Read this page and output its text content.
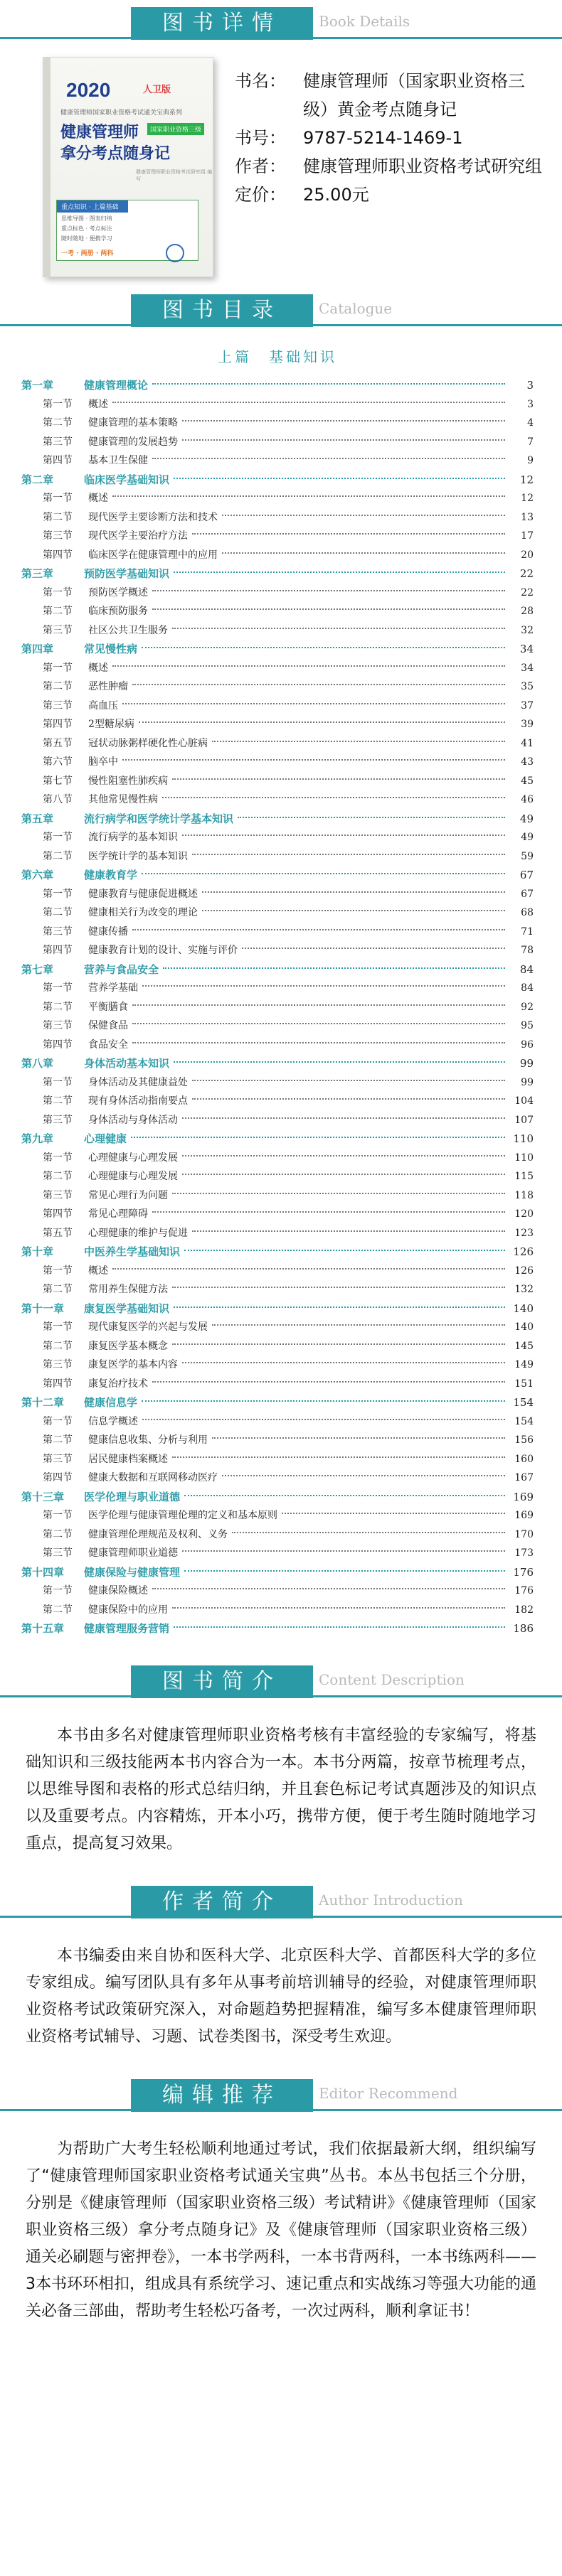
图书详情	Book Details
2020	人卫版
健康管理师国家职业资格考试通关宝典系列
健康管理师	国家职业资格三级
拿分考点随身记
健康管理师职业资格考试研究组 编写
重点知识 · 上篇基础
思维导图 · 图表归纳
重点标色 · 考点标注
随时随地 · 便携学习
一考 · 两册 · 两科
书名：	健康管理师（国家职业资格三级）黄金考点随身记
书号：	9787-5214-1469-1
作者：	健康管理师职业资格考试研究组
定价：	25.00元
图书目录	Catalogue
上篇　基础知识
第一章	健康管理概论	3
第一节	概述	3
第二节	健康管理的基本策略	4
第三节	健康管理的发展趋势	7
第四节	基本卫生保健	9
第二章	临床医学基础知识	12
第一节	概述	12
第二节	现代医学主要诊断方法和技术	13
第三节	现代医学主要治疗方法	17
第四节	临床医学在健康管理中的应用	20
第三章	预防医学基础知识	22
第一节	预防医学概述	22
第二节	临床预防服务	28
第三节	社区公共卫生服务	32
第四章	常见慢性病	34
第一节	概述	34
第二节	恶性肿瘤	35
第三节	高血压	37
第四节	2型糖尿病	39
第五节	冠状动脉粥样硬化性心脏病	41
第六节	脑卒中	43
第七节	慢性阻塞性肺疾病	45
第八节	其他常见慢性病	46
第五章	流行病学和医学统计学基本知识	49
第一节	流行病学的基本知识	49
第二节	医学统计学的基本知识	59
第六章	健康教育学	67
第一节	健康教育与健康促进概述	67
第二节	健康相关行为改变的理论	68
第三节	健康传播	71
第四节	健康教育计划的设计、实施与评价	78
第七章	营养与食品安全	84
第一节	营养学基础	84
第二节	平衡膳食	92
第三节	保健食品	95
第四节	食品安全	96
第八章	身体活动基本知识	99
第一节	身体活动及其健康益处	99
第二节	现有身体活动指南要点	104
第三节	身体活动与身体活动	107
第九章	心理健康	110
第一节	心理健康与心理发展	110
第二节	心理健康与心理发展	115
第三节	常见心理行为问题	118
第四节	常见心理障碍	120
第五节	心理健康的维护与促进	123
第十章	中医养生学基础知识	126
第一节	概述	126
第二节	常用养生保健方法	132
第十一章	康复医学基础知识	140
第一节	现代康复医学的兴起与发展	140
第二节	康复医学基本概念	145
第三节	康复医学的基本内容	149
第四节	康复治疗技术	151
第十二章	健康信息学	154
第一节	信息学概述	154
第二节	健康信息收集、分析与利用	156
第三节	居民健康档案概述	160
第四节	健康大数据和互联网移动医疗	167
第十三章	医学伦理与职业道德	169
第一节	医学伦理与健康管理伦理的定义和基本原则	169
第二节	健康管理伦理规范及权利、义务	170
第三节	健康管理师职业道德	173
第十四章	健康保险与健康管理	176
第一节	健康保险概述	176
第二节	健康保险中的应用	182
第十五章	健康管理服务营销	186
图书简介	Content Description

本书由多名对健康管理师职业资格考核有丰富经验的专家编写，将基础知识和三级技能两本书内容合为一本。本书分两篇，按章节梳理考点，以思维导图和表格的形式总结归纳，并且套色标记考试真题涉及的知识点以及重要考点。内容精炼，开本小巧，携带方便，便于考生随时随地学习重点，提高复习效果。

作者简介	Author Introduction

本书编委由来自协和医科大学、北京医科大学、首都医科大学的多位专家组成。编写团队具有多年从事考前培训辅导的经验，对健康管理师职业资格考试政策研究深入，对命题趋势把握精准，编写多本健康管理师职业资格考试辅导、习题、试卷类图书，深受考生欢迎。

编辑推荐	Editor Recommend

为帮助广大考生轻松顺利地通过考试，我们依据最新大纲，组织编写了“健康管理师国家职业资格考试通关宝典”丛书。本丛书包括三个分册，分别是《健康管理师（国家职业资格三级）考试精讲》《健康管理师（国家职业资格三级）拿分考点随身记》及《健康管理师（国家职业资格三级）通关必刷题与密押卷》，一本书学两科，一本书背两科，一本书练两科——3本书环环相扣，组成具有系统学习、速记重点和实战练习等强大功能的通关必备三部曲，帮助考生轻松巧备考，一次过两科，顺利拿证书！
